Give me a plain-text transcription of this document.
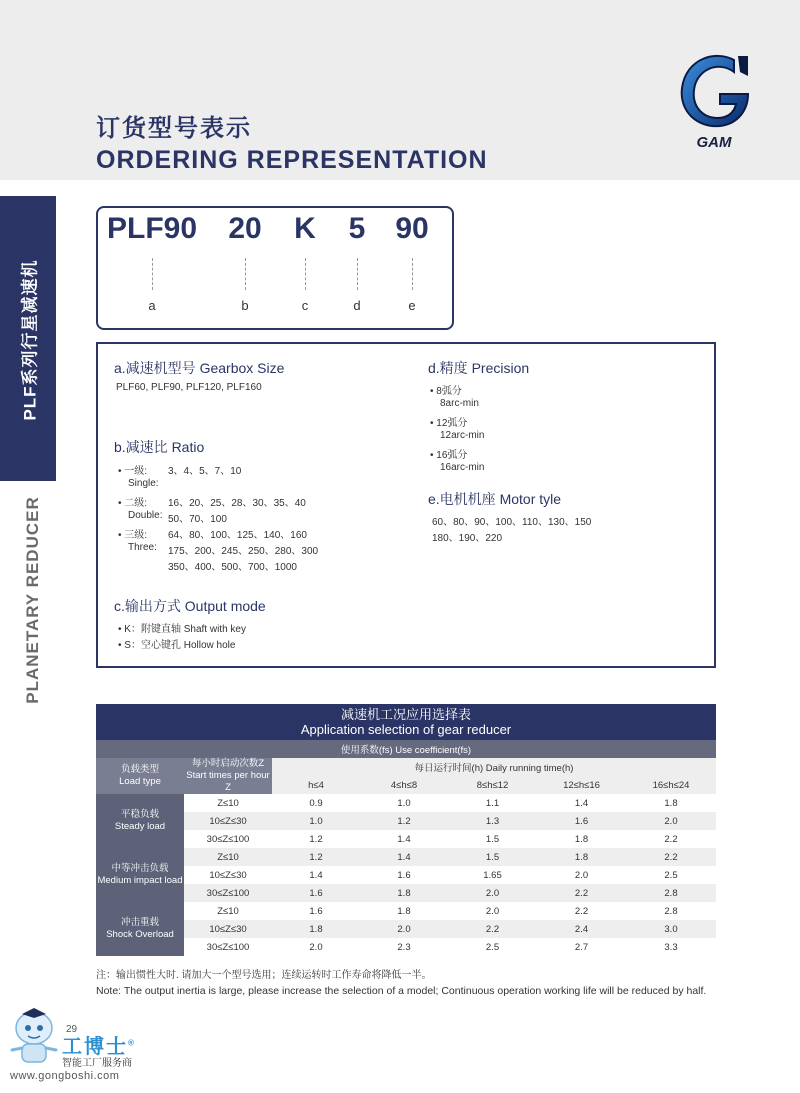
订货型号表示
ORDERING REPRESENTATION
GAM
PLF系列行星减速机
PLANETARY REDUCER
PLF90 20 K 5 90
a	b	c	d	e
a.减速机型号 Gearbox Size
PLF60, PLF90, PLF120, PLF160
b.减速比 Ratio
• 一级: 3、4、5、7、10
Single:
• 二级: 16、20、25、28、30、35、40
Double: 50、70、100
• 三级: 64、80、100、125、140、160
Three: 175、200、245、250、280、300
350、400、500、700、1000
c.输出方式 Output mode
• K：附键直轴 Shaft with key
• S：空心键孔 Hollow hole
d.精度 Precision
• 8弧分
8arc-min
• 12弧分
12arc-min
• 16弧分
16arc-min
e.电机机座 Motor tyle
60、80、90、100、110、130、150
180、190、220
减速机工况应用选择表
Application selection of gear reducer						
使用系数(fs) Use coefficient(fs)						
负载类型
Load type	每小时启动次数Z
Start times per hour Z	每日运行时间(h) Daily running time(h)				
		h≤4	4≤h≤8	8≤h≤12	12≤h≤16	16≤h≤24
平稳负载
Steady load	Z≤10	0.9	1.0	1.1	1.4	1.8
	10≤Z≤30	1.0	1.2	1.3	1.6	2.0
	30≤Z≤100	1.2	1.4	1.5	1.8	2.2
中等冲击负载
Medium impact load	Z≤10	1.2	1.4	1.5	1.8	2.2
	10≤Z≤30	1.4	1.6	1.65	2.0	2.5
	30≤Z≤100	1.6	1.8	2.0	2.2	2.8
冲击重载
Shock Overload	Z≤10	1.6	1.8	2.0	2.2	2.8
	10≤Z≤30	1.8	2.0	2.2	2.4	3.0
	30≤Z≤100	2.0	2.3	2.5	2.7	3.3
注：输出惯性大时. 请加大一个型号选用；连续运转时工作寿命将降低一半。
Note: The output inertia is large, please increase the selection of a model; Continuous operation working life will be reduced by half.
29
工博士®
智能工厂服务商
www.gongboshi.com
